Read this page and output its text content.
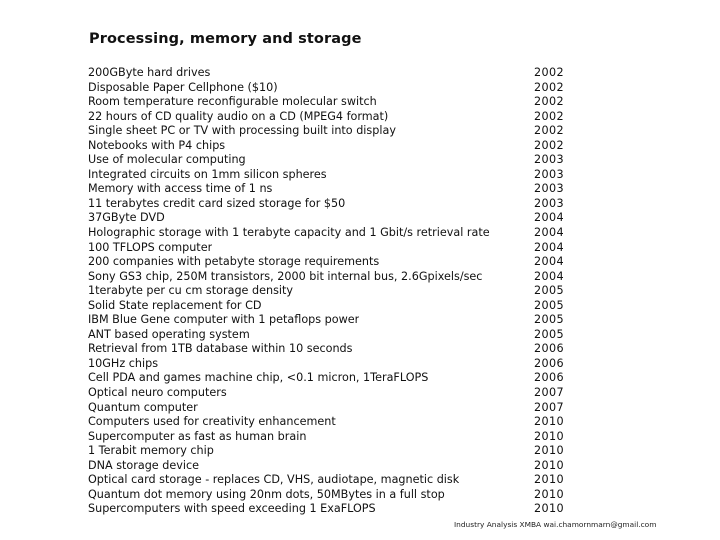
Processing, memory and storage
200GByte hard drives	2002
Disposable Paper Cellphone ($10)	2002
Room temperature reconfigurable molecular switch	2002
22 hours of CD quality audio on a CD (MPEG4 format)	2002
Single sheet PC or TV with processing built into display	2002
Notebooks with P4 chips	2002
Use of molecular computing	2003
Integrated circuits on 1mm silicon spheres	2003
Memory with access time of 1 ns	2003
11 terabytes credit card sized storage for $50	2003
37GByte DVD	2004
Holographic storage with 1 terabyte capacity and 1 Gbit/s retrieval rate	2004
100 TFLOPS computer	2004
200 companies with petabyte storage requirements	2004
Sony GS3 chip, 250M transistors, 2000 bit internal bus, 2.6Gpixels/sec	2004
1terabyte per cu cm storage density	2005
Solid State replacement for CD	2005
IBM Blue Gene computer with 1 petaflops power	2005
ANT based operating system	2005
Retrieval from 1TB database within 10 seconds	2006
10GHz chips	2006
Cell PDA and games machine chip, <0.1 micron, 1TeraFLOPS	2006
Optical neuro computers	2007
Quantum computer	2007
Computers used for creativity enhancement	2010
Supercomputer as fast as human brain	2010
1 Terabit memory chip	2010
DNA storage device	2010
Optical card storage - replaces CD, VHS, audiotape, magnetic disk	2010
Quantum dot memory using 20nm dots, 50MBytes in a full stop	2010
Supercomputers with speed exceeding 1 ExaFLOPS	2010
Industry Analysis XMBA wai.chamornmarn@gmail.com
